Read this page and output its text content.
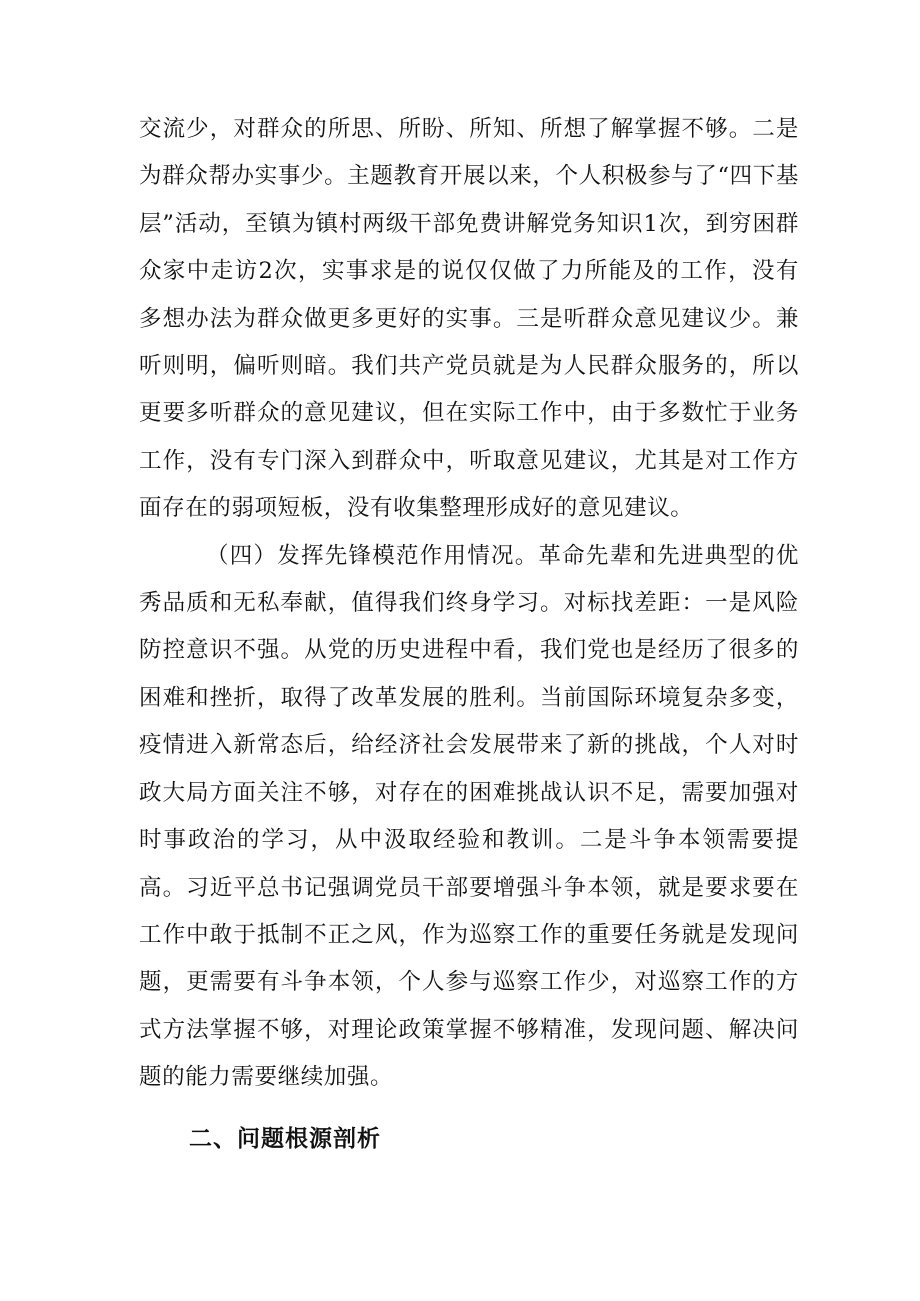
交流少，对群众的所思、所盼、所知、所想了解掌握不够。二是为群众帮办实事少。主题教育开展以来，个人积极参与了“四下基层”活动，至镇为镇村两级干部免费讲解党务知识1次，到穷困群众家中走访2次，实事求是的说仅仅做了力所能及的工作，没有多想办法为群众做更多更好的实事。三是听群众意见建议少。兼听则明，偏听则暗。我们共产党员就是为人民群众服务的，所以更要多听群众的意见建议，但在实际工作中，由于多数忙于业务工作，没有专门深入到群众中，听取意见建议，尤其是对工作方面存在的弱项短板，没有收集整理形成好的意见建议。

（四）发挥先锋模范作用情况。革命先辈和先进典型的优秀品质和无私奉献，值得我们终身学习。对标找差距：一是风险防控意识不强。从党的历史进程中看，我们党也是经历了很多的困难和挫折，取得了改革发展的胜利。当前国际环境复杂多变，疫情进入新常态后，给经济社会发展带来了新的挑战，个人对时政大局方面关注不够，对存在的困难挑战认识不足，需要加强对时事政治的学习，从中汲取经验和教训。二是斗争本领需要提高。习近平总书记强调党员干部要增强斗争本领，就是要求要在工作中敢于抵制不正之风，作为巡察工作的重要任务就是发现问题，更需要有斗争本领，个人参与巡察工作少，对巡察工作的方式方法掌握不够，对理论政策掌握不够精准，发现问题、解决问题的能力需要继续加强。

二、问题根源剖析
